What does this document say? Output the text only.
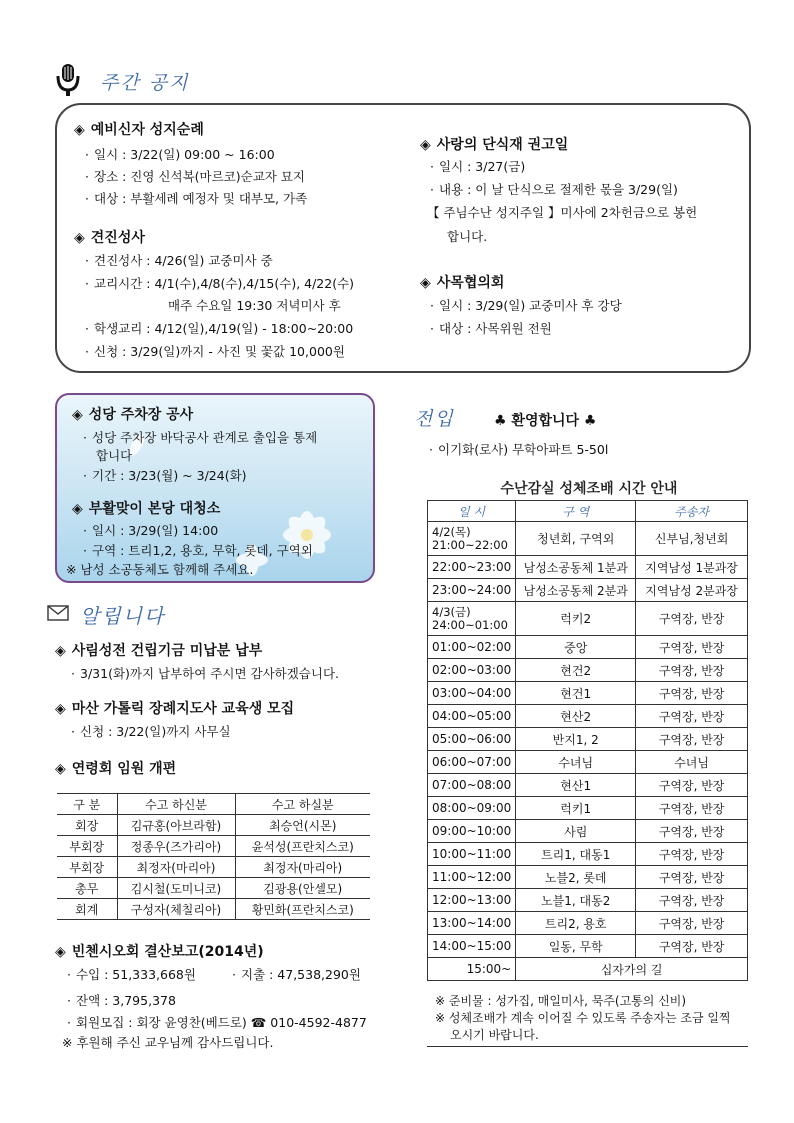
주간 공지
◈ 예비신자 성지순례
· 일시 : 3/22(일) 09:00 ~ 16:00
· 장소 : 진영 신석복(마르코)순교자 묘지
· 대상 : 부활세례 예정자 및 대부모, 가족
◈ 견진성사
· 견진성사 : 4/26(일) 교중미사 중
· 교리시간 : 4/1(수),4/8(수),4/15(수), 4/22(수)
매주 수요일 19:30 저녁미사 후
· 학생교리 : 4/12(일),4/19(일) - 18:00~20:00
· 신청 : 3/29(일)까지 - 사진 및 꽃값 10,000원
◈ 사랑의 단식재 권고일
· 일시 : 3/27(금)
· 내용 : 이 날 단식으로 절제한 몫을 3/29(일)
【 주님수난 성지주일 】미사에 2차헌금으로 봉헌
합니다.
◈ 사목협의회
· 일시 : 3/29(일) 교중미사 후 강당
· 대상 : 사목위원 전원
◈ 성당 주차장 공사
· 성당 주차장 바닥공사 관계로 출입을 통제
합니다
· 기간 : 3/23(월) ~ 3/24(화)
◈ 부활맞이 본당 대청소
· 일시 : 3/29(일) 14:00
· 구역 : 트리1,2, 용호, 무학, 롯데, 구역외
※ 남성 소공동체도 함께해 주세요.
알립니다
◈ 사림성전 건립기금 미납분 납부
· 3/31(화)까지 납부하여 주시면 감사하겠습니다.
◈ 마산 가톨릭 장례지도사 교육생 모집
· 신청 : 3/22(일)까지 사무실
◈ 연령회 임원 개편
구 분	수고 하신분	수고 하실분
회장	김규홍(아브라함)	최승언(시몬)
부회장	정종우(즈가리아)	윤석성(프란치스코)
부회장	최정자(마리아)	최정자(마리아)
총무	김시철(도미니코)	김광용(안셀모)
회계	구성자(체칠리아)	황민화(프란치스코)
◈ 빈첸시오회 결산보고(2014년)
· 수입 : 51,333,668원	· 지출 : 47,538,290원
· 잔액 : 3,795,378
· 회원모집 : 회장 윤영찬(베드로) ☎ 010-4592-4877
※ 후원해 주신 교우님께 감사드립니다.
전입	♣ 환영합니다 ♣
· 이기화(로사) 무학아파트 5-50l
수난감실 성체조배 시간 안내
일 시	구 역	주송자
4/2(목)
21:00~22:00	청년회, 구역외	신부님,청년회
22:00~23:00	남성소공동체 1분과	지역남성 1분과장
23:00~24:00	남성소공동체 2분과	지역남성 2분과장
4/3(금)
24:00~01:00	럭키2	구역장, 반장
01:00~02:00	중앙	구역장, 반장
02:00~03:00	현건2	구역장, 반장
03:00~04:00	현건1	구역장, 반장
04:00~05:00	현산2	구역장, 반장
05:00~06:00	반지1, 2	구역장, 반장
06:00~07:00	수녀님	수녀님
07:00~08:00	현산1	구역장, 반장
08:00~09:00	럭키1	구역장, 반장
09:00~10:00	사림	구역장, 반장
10:00~11:00	트리1, 대동1	구역장, 반장
11:00~12:00	노블2, 롯데	구역장, 반장
12:00~13:00	노블1, 대동2	구역장, 반장
13:00~14:00	트리2, 용호	구역장, 반장
14:00~15:00	일동, 무학	구역장, 반장
15:00~	십자가의 길	
※ 준비물 : 성가집, 매일미사, 묵주(고통의 신비)
※ 성체조배가 계속 이어질 수 있도록 주송자는 조금 일찍
오시기 바랍니다.
